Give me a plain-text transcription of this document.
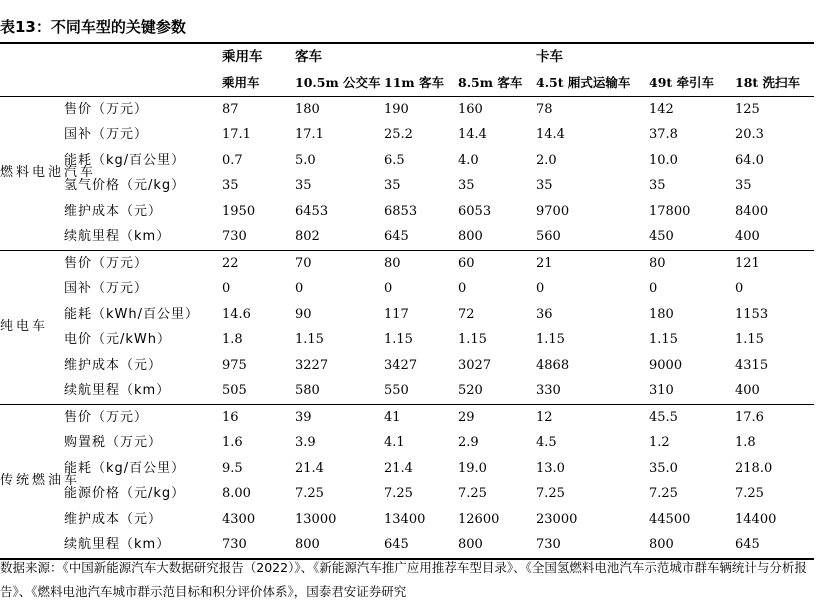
表13：不同车型的关键参数
		乘用车	客车			卡车		
		乘用车	10.5m 公交车	11m 客车	8.5m 客车	4.5t 厢式运输车	49t 牵引车	18t 洗扫车
燃料电池汽车	售价（万元）	87	180	190	160	78	142	125
	国补（万元）	17.1	17.1	25.2	14.4	14.4	37.8	20.3
	能耗（kg/百公里）	0.7	5.0	6.5	4.0	2.0	10.0	64.0
	氢气价格（元/kg）	35	35	35	35	35	35	35
	维护成本（元）	1950	6453	6853	6053	9700	17800	8400
	续航里程（km）	730	802	645	800	560	450	400
纯电车	售价（万元）	22	70	80	60	21	80	121
	国补（万元）	0	0	0	0	0	0	0
	能耗（kWh/百公里）	14.6	90	117	72	36	180	1153
	电价（元/kWh）	1.8	1.15	1.15	1.15	1.15	1.15	1.15
	维护成本（元）	975	3227	3427	3027	4868	9000	4315
	续航里程（km）	505	580	550	520	330	310	400
传统燃油车	售价（万元）	16	39	41	29	12	45.5	17.6
	购置税（万元）	1.6	3.9	4.1	2.9	4.5	1.2	1.8
	能耗（kg/百公里）	9.5	21.4	21.4	19.0	13.0	35.0	218.0
	能源价格（元/kg）	8.00	7.25	7.25	7.25	7.25	7.25	7.25
	维护成本（元）	4300	13000	13400	12600	23000	44500	14400
	续航里程（km）	730	800	645	800	730	800	645
数据来源：《中国新能源汽车大数据研究报告（2022）》、《新能源汽车推广应用推荐车型目录》、《全国氢燃料电池汽车示范城市群车辆统计与分析报告》、《燃料电池汽车城市群示范目标和积分评价体系》，国泰君安证券研究
